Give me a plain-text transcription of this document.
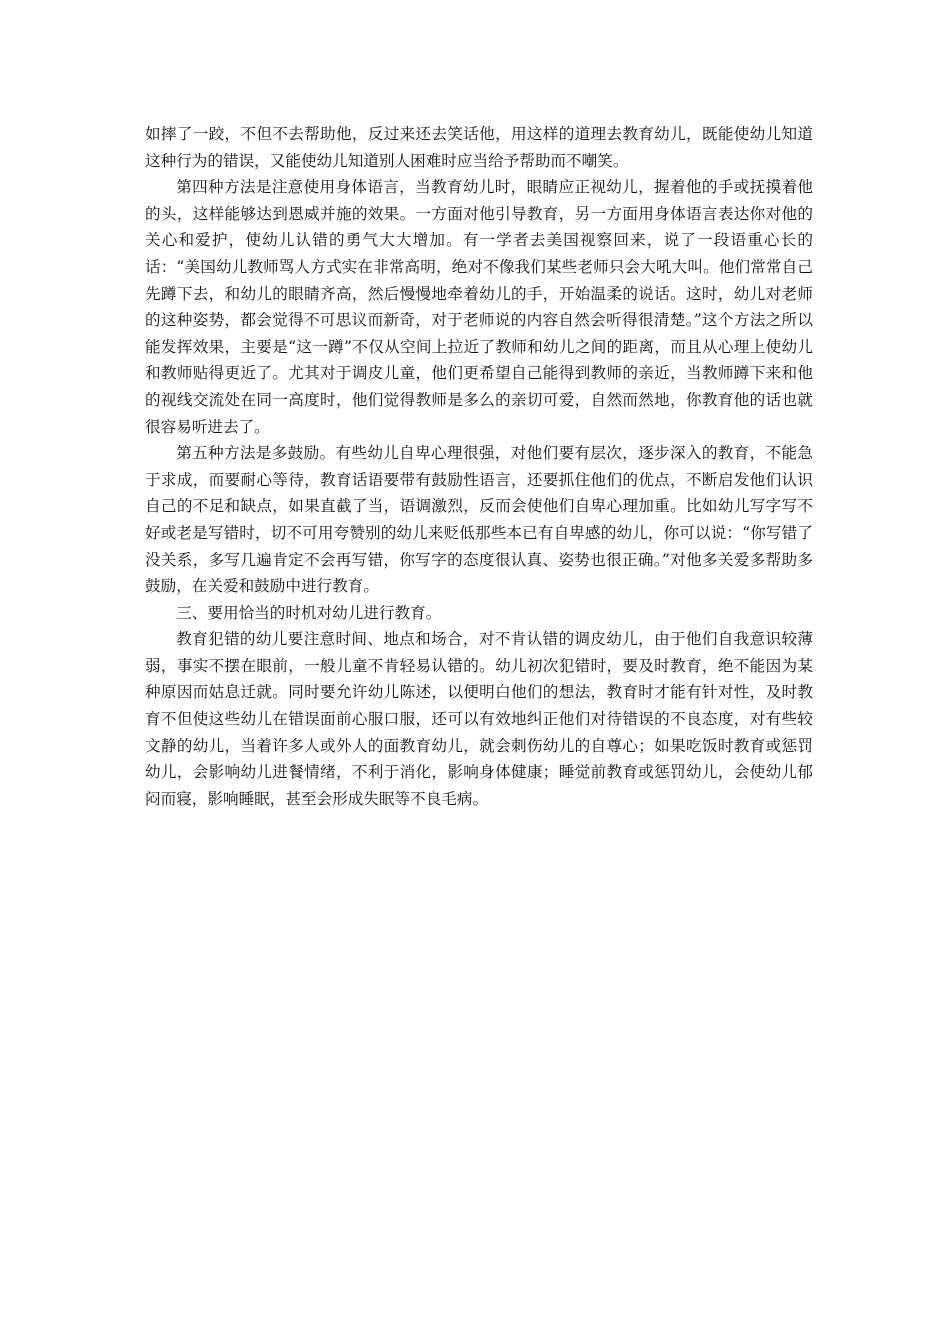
如摔了一跤，不但不去帮助他，反过来还去笑话他，用这样的道理去教育幼儿，既能使幼儿知道这种行为的错误，又能使幼儿知道别人困难时应当给予帮助而不嘲笑。

第四种方法是注意使用身体语言，当教育幼儿时，眼睛应正视幼儿，握着他的手或抚摸着他的头，这样能够达到恩威并施的效果。一方面对他引导教育，另一方面用身体语言表达你对他的关心和爱护，使幼儿认错的勇气大大增加。有一学者去美国视察回来，说了一段语重心长的话：“美国幼儿教师骂人方式实在非常高明，绝对不像我们某些老师只会大吼大叫。他们常常自己先蹲下去，和幼儿的眼睛齐高，然后慢慢地牵着幼儿的手，开始温柔的说话。这时，幼儿对老师的这种姿势，都会觉得不可思议而新奇，对于老师说的内容自然会听得很清楚。”这个方法之所以能发挥效果，主要是“这一蹲”不仅从空间上拉近了教师和幼儿之间的距离，而且从心理上使幼儿和教师贴得更近了。尤其对于调皮儿童，他们更希望自己能得到教师的亲近，当教师蹲下来和他的视线交流处在同一高度时，他们觉得教师是多么的亲切可爱，自然而然地，你教育他的话也就很容易听进去了。

第五种方法是多鼓励。有些幼儿自卑心理很强，对他们要有层次，逐步深入的教育，不能急于求成，而要耐心等待，教育话语要带有鼓励性语言，还要抓住他们的优点，不断启发他们认识自己的不足和缺点，如果直截了当，语调激烈，反而会使他们自卑心理加重。比如幼儿写字写不好或老是写错时，切不可用夸赞别的幼儿来贬低那些本已有自卑感的幼儿，你可以说：“你写错了没关系，多写几遍肯定不会再写错，你写字的态度很认真、姿势也很正确。”对他多关爱多帮助多鼓励，在关爱和鼓励中进行教育。

三、要用恰当的时机对幼儿进行教育。

教育犯错的幼儿要注意时间、地点和场合，对不肯认错的调皮幼儿，由于他们自我意识较薄弱，事实不摆在眼前，一般儿童不肯轻易认错的。幼儿初次犯错时，要及时教育，绝不能因为某种原因而姑息迁就。同时要允许幼儿陈述，以便明白他们的想法，教育时才能有针对性，及时教育不但使这些幼儿在错误面前心服口服，还可以有效地纠正他们对待错误的不良态度，对有些较文静的幼儿，当着许多人或外人的面教育幼儿，就会刺伤幼儿的自尊心；如果吃饭时教育或惩罚幼儿，会影响幼儿进餐情绪，不利于消化，影响身体健康；睡觉前教育或惩罚幼儿，会使幼儿郁闷而寝，影响睡眠，甚至会形成失眠等不良毛病。
